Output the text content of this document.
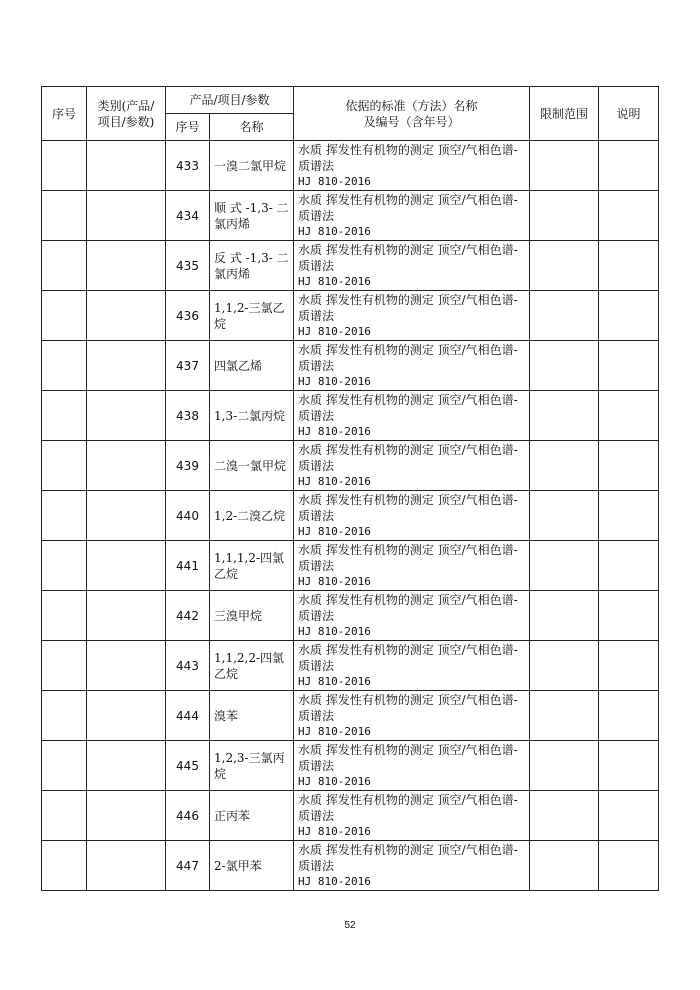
序号	类别(产品/项目/参数)	产品/项目/参数		依据的标准（方法）名称及编号（含年号）	限制范围	说明
		序号	名称			
		433	一溴二氯甲烷	水质 挥发性有机物的测定 顶空/气相色谱-质谱法
HJ 810-2016		

		434	顺 式 -1,3- 二 氯丙烯	水质 挥发性有机物的测定 顶空/气相色谱-质谱法
HJ 810-2016		

		435	反 式 -1,3- 二 氯丙烯	水质 挥发性有机物的测定 顶空/气相色谱-质谱法
HJ 810-2016		

		436	1,1,2-三氯乙烷	水质 挥发性有机物的测定 顶空/气相色谱-质谱法
HJ 810-2016		

		437	四氯乙烯	水质 挥发性有机物的测定 顶空/气相色谱-质谱法
HJ 810-2016		

		438	1,3-二氯丙烷	水质 挥发性有机物的测定 顶空/气相色谱-质谱法
HJ 810-2016		

		439	二溴一氯甲烷	水质 挥发性有机物的测定 顶空/气相色谱-质谱法
HJ 810-2016		

		440	1,2-二溴乙烷	水质 挥发性有机物的测定 顶空/气相色谱-质谱法
HJ 810-2016		

		441	1,1,1,2-四氯乙烷	水质 挥发性有机物的测定 顶空/气相色谱-质谱法
HJ 810-2016		

		442	三溴甲烷	水质 挥发性有机物的测定 顶空/气相色谱-质谱法
HJ 810-2016		

		443	1,1,2,2-四氯乙烷	水质 挥发性有机物的测定 顶空/气相色谱-质谱法
HJ 810-2016		

		444	溴苯	水质 挥发性有机物的测定 顶空/气相色谱-质谱法
HJ 810-2016		

		445	1,2,3-三氯丙烷	水质 挥发性有机物的测定 顶空/气相色谱-质谱法
HJ 810-2016		

		446	正丙苯	水质 挥发性有机物的测定 顶空/气相色谱-质谱法
HJ 810-2016		

		447	2-氯甲苯	水质 挥发性有机物的测定 顶空/气相色谱-质谱法
HJ 810-2016		

52
